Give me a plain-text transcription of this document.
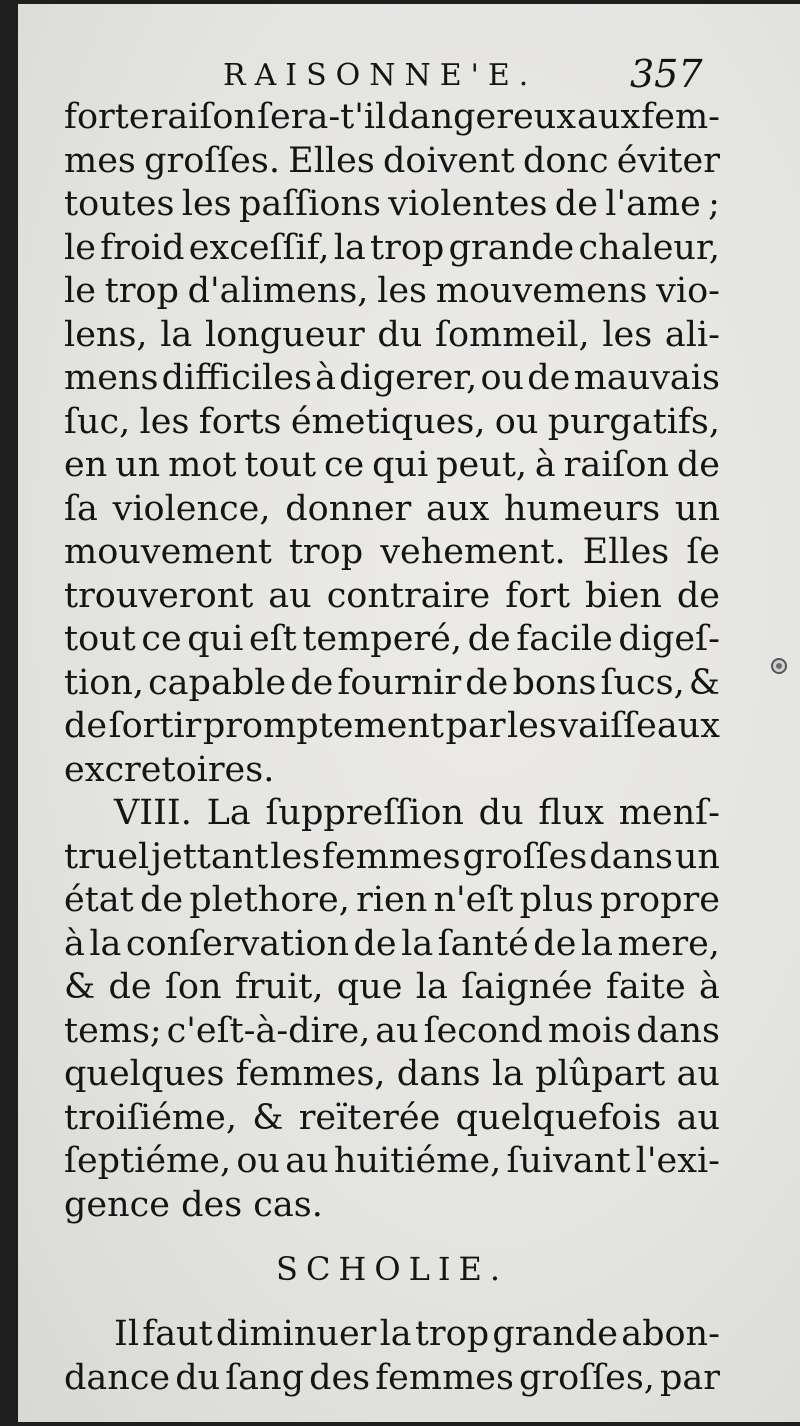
RAISONNE'E. 357
forte raiſon ſera-t'il dangereux aux fem-
mes groſſes. Elles doivent donc éviter
toutes les paſſions violentes de l'ame ;
le froid exceſſif, la trop grande chaleur,
le trop d'alimens, les mouvemens vio-
lens, la longueur du ſommeil, les ali-
mens difficiles à digerer, ou de mauvais
ſuc, les forts émetiques, ou purgatifs,
en un mot tout ce qui peut, à raiſon de
ſa violence, donner aux humeurs un
mouvement trop vehement. Elles ſe
trouveront au contraire fort bien de
tout ce qui eſt temperé, de facile digeſ-
tion, capable de fournir de bons ſucs, &
de ſortir promptement par les vaiſſeaux
excretoires.
VIII. La ſuppreſſion du flux menſ-
truel jettant les femmes groſſes dans un
état de plethore, rien n'eſt plus propre
à la conſervation de la ſanté de la mere,
& de ſon fruit, que la ſaignée faite à
tems; c'eſt-à-dire, au ſecond mois dans
quelques femmes, dans la plûpart au
troiſiéme, & reïterée quelquefois au
ſeptiéme, ou au huitiéme, ſuivant l'exi-
gence des cas.
SCHOLIE.
Il faut diminuer la trop grande abon-
dance du ſang des femmes groſſes, par
